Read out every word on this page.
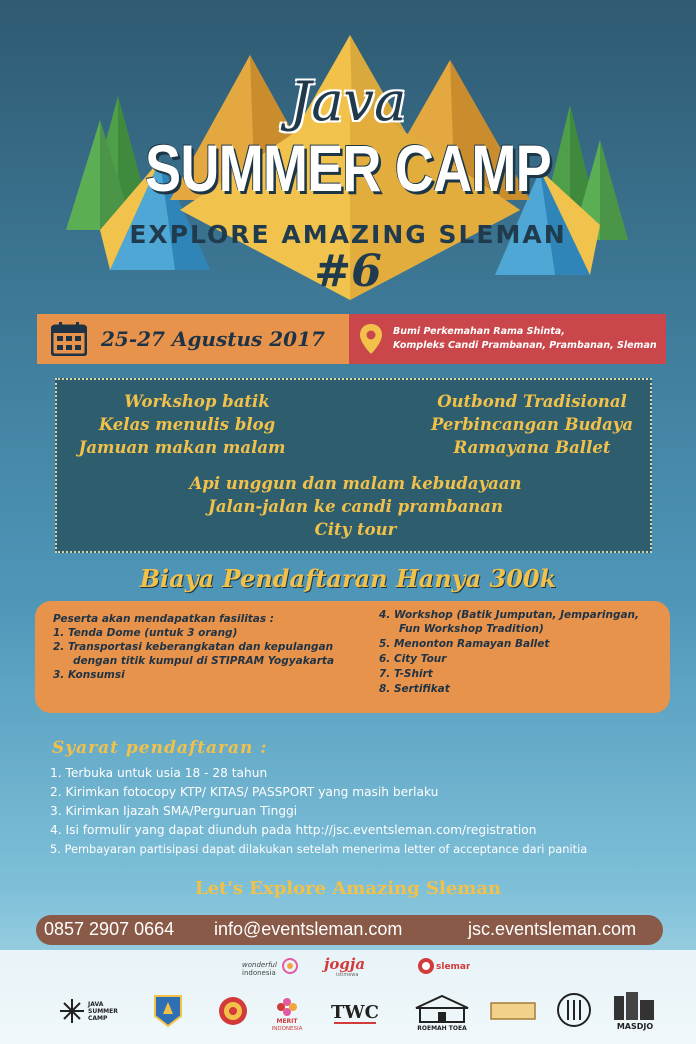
Java
SUMMER CAMP
EXPLORE AMAZING SLEMAN
#6
25-27 Agustus 2017	Bumi Perkemahan Rama Shinta,
Kompleks Candi Prambanan, Prambanan, Sleman
Workshop batik
Kelas menulis blog
Jamuan makan malam
Outbond Tradisional
Perbincangan Budaya
Ramayana Ballet
Api unggun dan malam kebudayaan
Jalan-jalan ke candi prambanan
City tour
Biaya Pendaftaran Hanya 300k
Peserta akan mendapatkan fasilitas :
1. Tenda Dome (untuk 3 orang)
2. Transportasi keberangkatan dan kepulangan
dengan titik kumpul di STIPRAM Yogyakarta
3. Konsumsi
4. Workshop (Batik Jumputan, Jemparingan,
Fun Workshop Tradition)
5. Menonton Ramayan Ballet
6. City Tour
7. T-Shirt
8. Sertifikat
Syarat pendaftaran :
1. Terbuka untuk usia 18 - 28 tahun
2. Kirimkan fotocopy KTP/ KITAS/ PASSPORT yang masih berlaku
3. Kirimkan Ijazah SMA/Perguruan Tinggi
4. Isi formulir yang dapat diunduh pada http://jsc.eventsleman.com/registration
5. Pembayaran partisipasi dapat dilakukan setelah menerima letter of acceptance dari panitia
Let's Explore Amazing Sleman
0857 2907 0664 info@eventsleman.com	jsc.eventsleman.com
wonderful
indonesia	jogja
istimewa
sleman
JAVA
SUMMER
CAMP	MERIT
INDONESIA
TWC
ROEMAH TOEA	MASDJO
